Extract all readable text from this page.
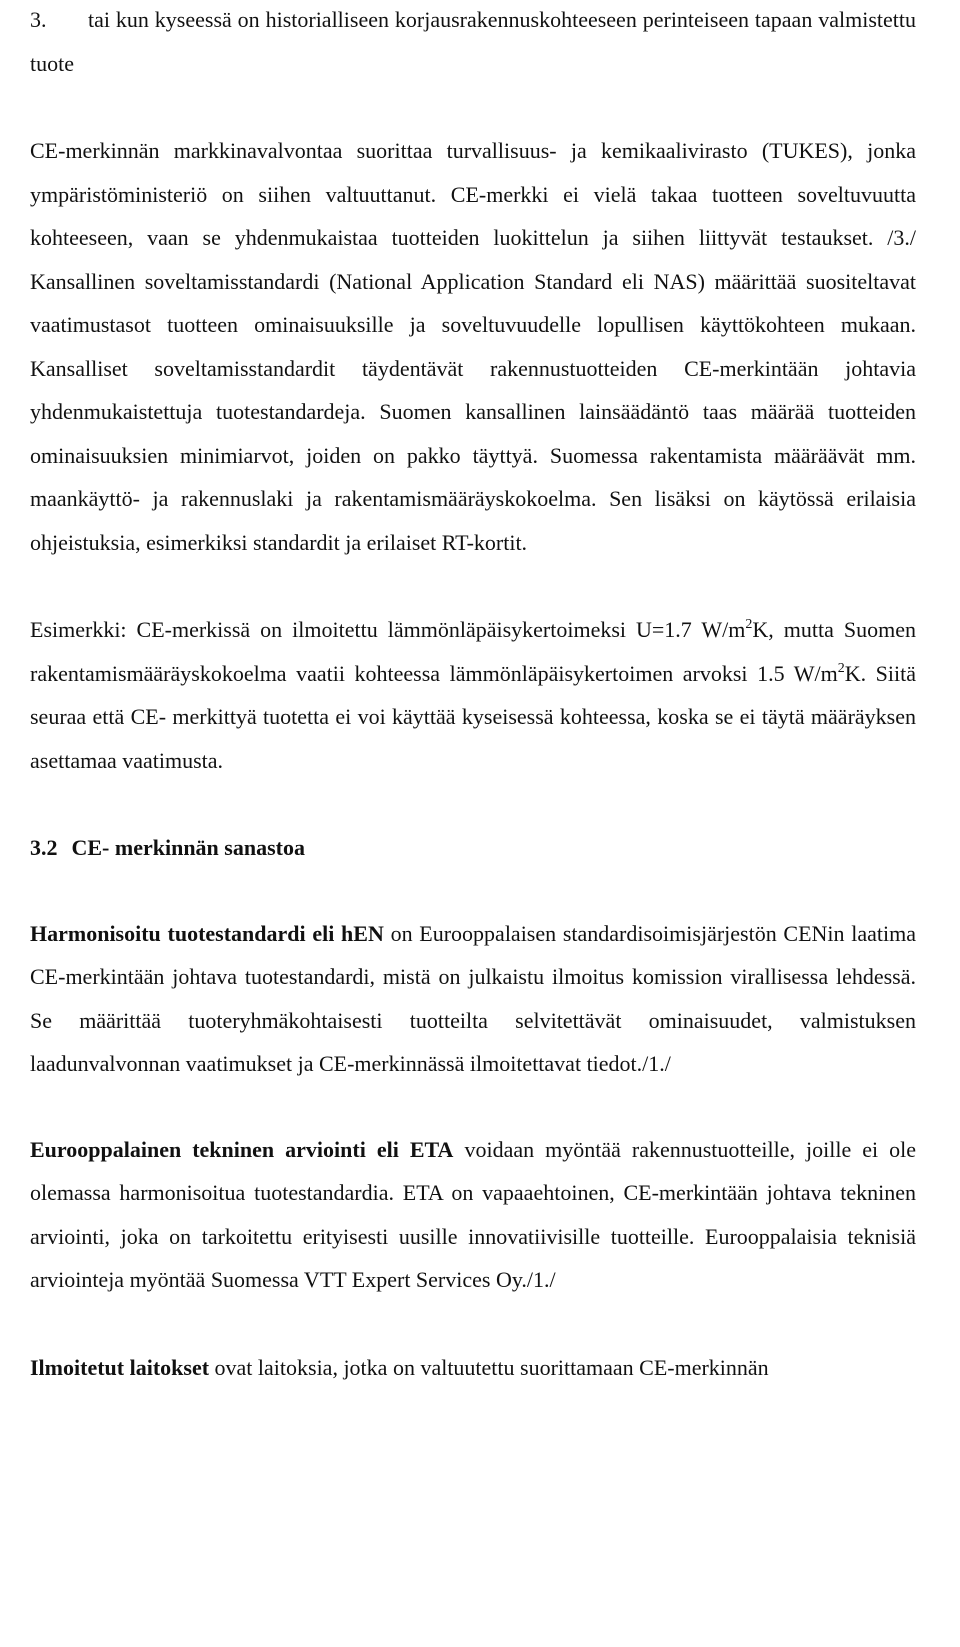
3. tai kun kyseessä on historialliseen korjausrakennuskohteeseen perinteiseen tapaan valmistettu tuote

CE-merkinnän markkinavalvontaa suorittaa turvallisuus- ja kemikaalivirasto (TUKES), jonka ympäristöministeriö on siihen valtuuttanut. CE-merkki ei vielä takaa tuotteen soveltuvuutta kohteeseen, vaan se yhdenmukaistaa tuotteiden luokittelun ja siihen liittyvät testaukset. /3./ Kansallinen soveltamisstandardi (National Application Standard eli NAS) määrittää suositeltavat vaatimustasot tuotteen ominaisuuksille ja soveltuvuudelle lopullisen käyttökohteen mukaan. Kansalliset soveltamisstandardit täydentävät rakennustuotteiden CE-merkintään johtavia yhdenmukaistettuja tuotestandardeja. Suomen kansallinen lainsäädäntö taas määrää tuotteiden ominaisuuksien minimiarvot, joiden on pakko täyttyä. Suomessa rakentamista määräävät mm. maankäyttö- ja rakennuslaki ja rakentamismääräyskokoelma. Sen lisäksi on käytössä erilaisia ohjeistuksia, esimerkiksi standardit ja erilaiset RT-kortit.

Esimerkki: CE-merkissä on ilmoitettu lämmönläpäisykertoimeksi U=1.7 $W/m^2K$, mutta Suomen rakentamismääräyskokoelma vaatii kohteessa lämmönläpäisykertoimen arvoksi 1.5 $W/m^2K$. Siitä seuraa että CE- merkittyä tuotetta ei voi käyttää kyseisessä kohteessa, koska se ei täytä määräyksen asettamaa vaatimusta.

3.2 CE- merkinnän sanastoa

Harmonisoitu tuotestandardi eli hEN on Eurooppalaisen standardisoimisjärjestön CENin laatima CE-merkintään johtava tuotestandardi, mistä on julkaistu ilmoitus komission virallisessa lehdessä. Se määrittää tuoteryhmäkohtaisesti tuotteilta selvitettävät ominaisuudet, valmistuksen laadunvalvonnan vaatimukset ja CE-merkinnässä ilmoitettavat tiedot./1./

Eurooppalainen tekninen arviointi eli ETA voidaan myöntää rakennustuotteille, joille ei ole olemassa harmonisoitua tuotestandardia. ETA on vapaaehtoinen, CE-merkintään johtava tekninen arviointi, joka on tarkoitettu erityisesti uusille innovatiivisille tuotteille. Eurooppalaisia teknisiä arviointeja myöntää Suomessa VTT Expert Services Oy./1./

Ilmoitetut laitokset ovat laitoksia, jotka on valtuutettu suorittamaan CE-merkinnän
